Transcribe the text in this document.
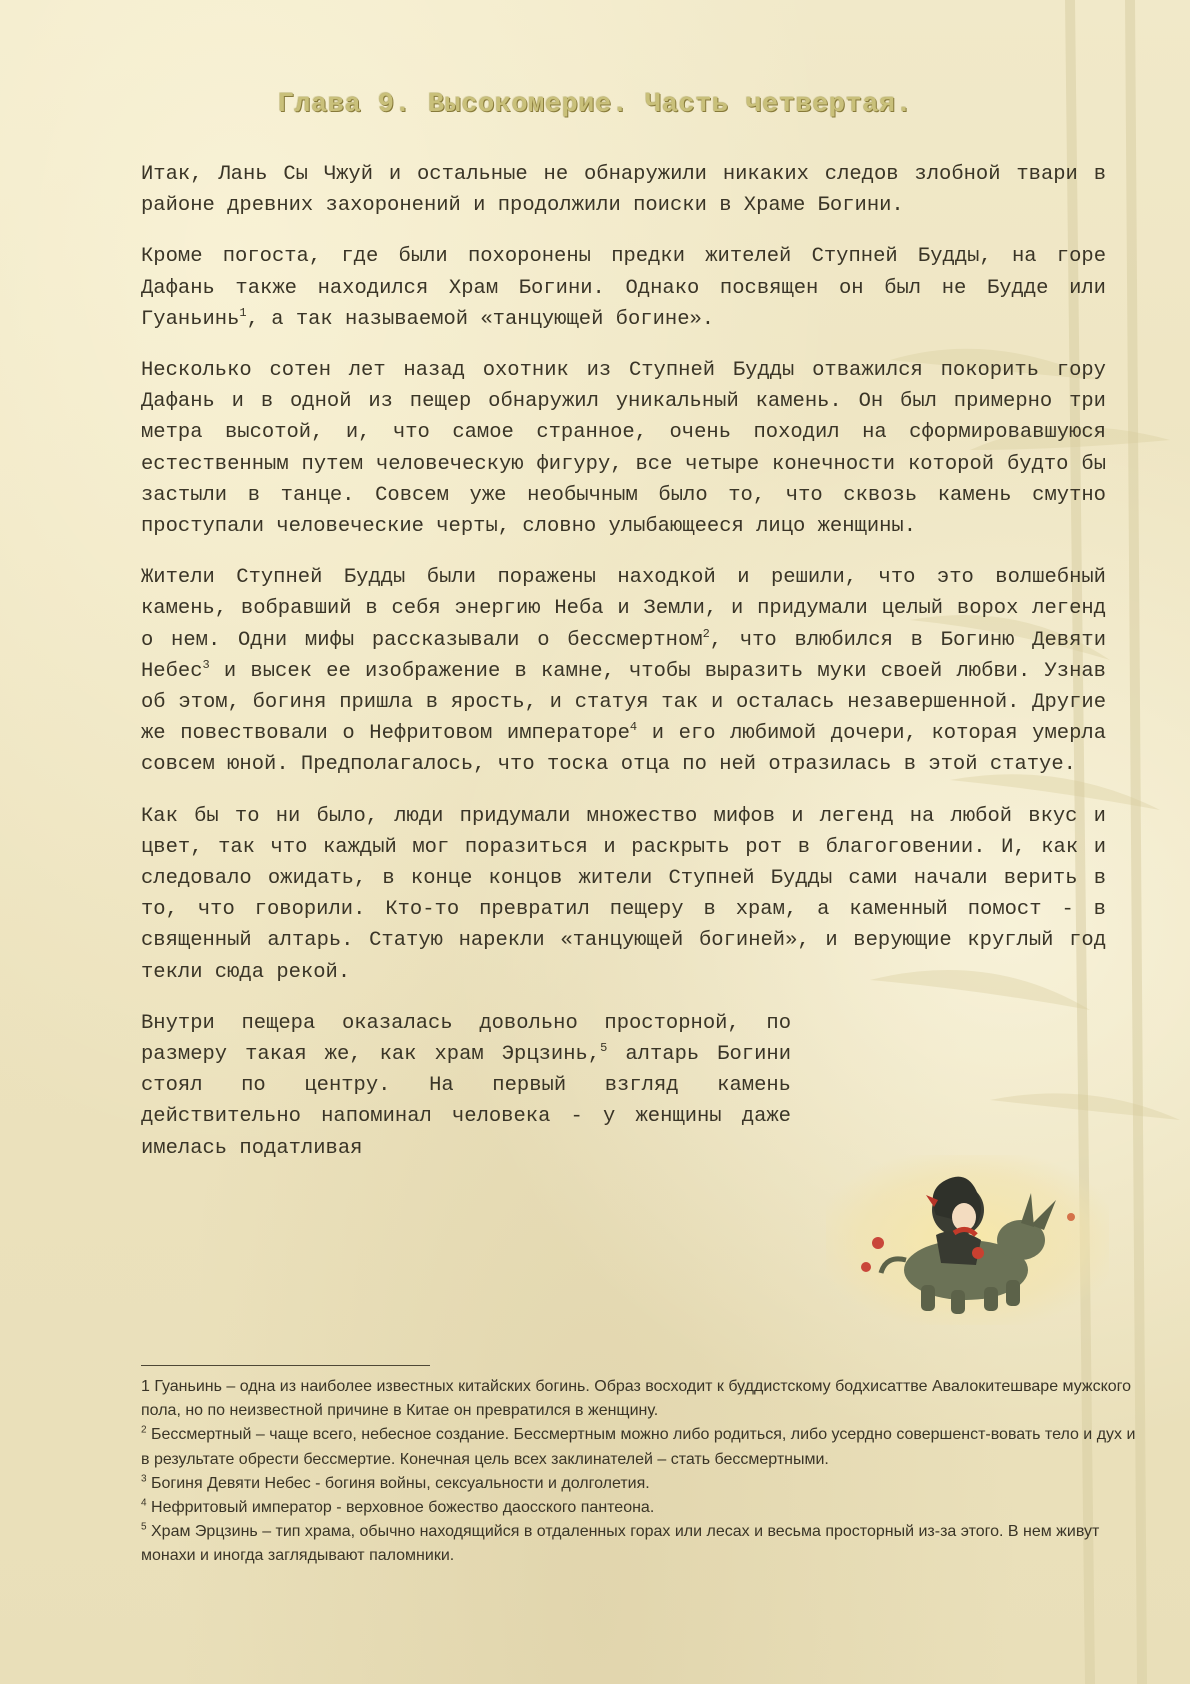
Глава 9. Высокомерие. Часть четвертая.

Итак, Лань Сы Чжуй и остальные не обнаружили никаких следов злобной твари в районе древних захоронений и продолжили поиски в Храме Богини.

Кроме погоста, где были похоронены предки жителей Ступней Будды, на горе Дафань также находился Храм Богини. Однако посвящен он был не Будде или Гуаньинь$^1$, а так называемой «танцующей богине».

Несколько сотен лет назад охотник из Ступней Будды отважился покорить гору Дафань и в одной из пещер обнаружил уникальный камень. Он был примерно три метра высотой, и, что самое странное, очень походил на сформировавшуюся естественным путем человеческую фигуру, все четыре конечности которой будто бы застыли в танце. Совсем уже необычным было то, что сквозь камень смутно проступали человеческие черты, словно улыбающееся лицо женщины.

Жители Ступней Будды были поражены находкой и решили, что это волшебный камень, вобравший в себя энергию Неба и Земли, и придумали целый ворох легенд о нем. Одни мифы рассказывали о бессмертном$^2$, что влюбился в Богиню Девяти Небес$^3$ и высек ее изображение в камне, чтобы выразить муки своей любви. Узнав об этом, богиня пришла в ярость, и статуя так и осталась незавершенной. Другие же повествовали о Нефритовом императоре$^4$ и его любимой дочери, которая умерла совсем юной. Предполагалось, что тоска отца по ней отразилась в этой статуе.

Как бы то ни было, люди придумали множество мифов и легенд на любой вкус и цвет, так что каждый мог поразиться и раскрыть рот в благоговении. И, как и следовало ожидать, в конце концов жители Ступней Будды сами начали верить в то, что говорили. Кто-то превратил пещеру в храм, а каменный помост - в священный алтарь. Статую нарекли «танцующей богиней», и верующие круглый год текли сюда рекой.

Внутри пещера оказалась довольно просторной, по размеру такая же, как храм Эрцзинь,$^5$ алтарь Богини стоял по центру. На первый взгляд камень действительно напоминал человека - у женщины даже имелась податливая

1 Гуаньинь – одна из наиболее известных китайских богинь. Образ восходит к буддистскому бодхисаттве Авалокитешваре мужского пола, но по неизвестной причине в Китае он превратился в женщину.
$^2$ Бессмертный – чаще всего, небесное создание. Бессмертным можно либо родиться, либо усердно совершенст-вовать тело и дух и в результате обрести бессмертие. Конечная цель всех заклинателей – стать бессмертными.
$^3$ Богиня Девяти Небес - богиня войны, сексуальности и долголетия.
$^4$ Нефритовый император - верховное божество даосского пантеона.
$^5$ Храм Эрцзинь – тип храма, обычно находящийся в отдаленных горах или лесах и весьма просторный из-за этого. В нем живут монахи и иногда заглядывают паломники.
